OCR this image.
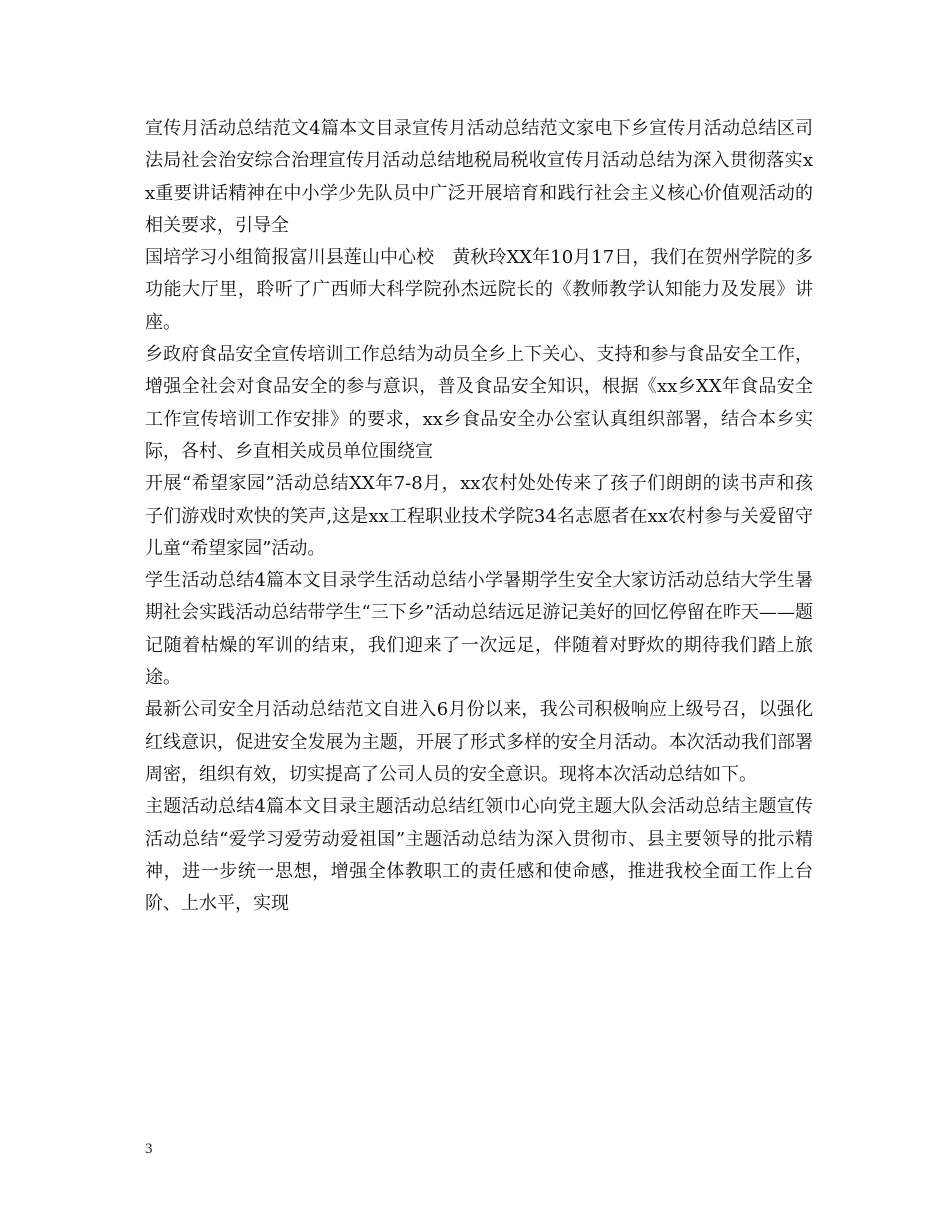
宣传月活动总结范文4篇本文目录宣传月活动总结范文家电下乡宣传月活动总结区司法局社会治安综合治理宣传月活动总结地税局税收宣传月活动总结为深入贯彻落实xx重要讲话精神在中小学少先队员中广泛开展培育和践行社会主义核心价值观活动的相关要求，引导全

国培学习小组简报富川县莲山中心校　黄秋玲XX年10月17日，我们在贺州学院的多功能大厅里，聆听了广西师大科学院孙杰远院长的《教师教学认知能力及发展》讲座。

乡政府食品安全宣传培训工作总结为动员全乡上下关心、支持和参与食品安全工作，增强全社会对食品安全的参与意识，普及食品安全知识，根据《xx乡XX年食品安全工作宣传培训工作安排》的要求，xx乡食品安全办公室认真组织部署，结合本乡实际，各村、乡直相关成员单位围绕宣

开展“希望家园”活动总结XX年7-8月，xx农村处处传来了孩子们朗朗的读书声和孩子们游戏时欢快的笑声,这是xx工程职业技术学院34名志愿者在xx农村参与关爱留守儿童“希望家园”活动。

学生活动总结4篇本文目录学生活动总结小学暑期学生安全大家访活动总结大学生暑期社会实践活动总结带学生“三下乡”活动总结远足游记美好的回忆停留在昨天——题记随着枯燥的军训的结束，我们迎来了一次远足，伴随着对野炊的期待我们踏上旅途。

最新公司安全月活动总结范文自进入6月份以来，我公司积极响应上级号召，以强化红线意识，促进安全发展为主题，开展了形式多样的安全月活动。本次活动我们部署周密，组织有效，切实提高了公司人员的安全意识。现将本次活动总结如下。

主题活动总结4篇本文目录主题活动总结红领巾心向党主题大队会活动总结主题宣传活动总结“爱学习爱劳动爱祖国”主题活动总结为深入贯彻市、县主要领导的批示精神，进一步统一思想，增强全体教职工的责任感和使命感，推进我校全面工作上台阶、上水平，实现

3
